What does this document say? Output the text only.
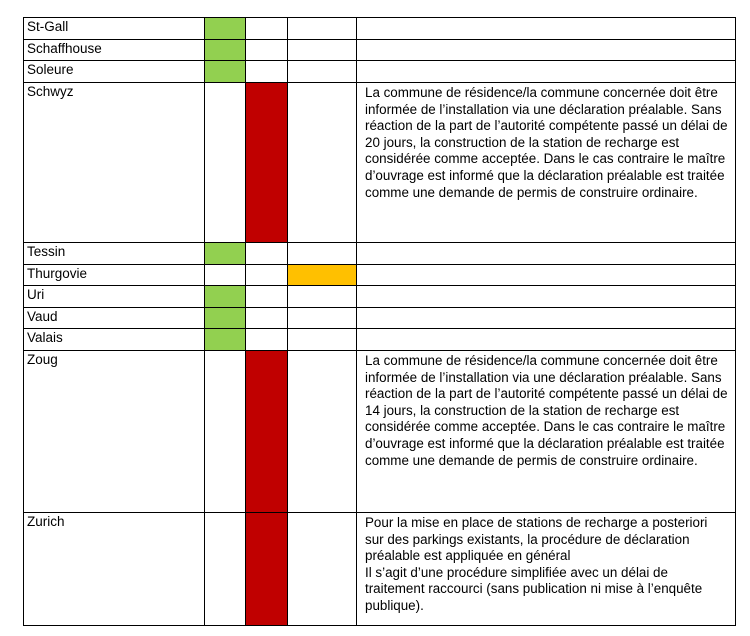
St-Gall				
Schaffhouse				
Soleure				
Schwyz				La commune de résidence/la commune concernée doit être informée de l’installation via une déclaration préalable. Sans réaction de la part de l’autorité compétente passé un délai de 20 jours, la construction de la station de recharge est considérée comme acceptée. Dans le cas contraire le maître d’ouvrage est informé que la déclaration préalable est traitée comme une demande de permis de construire ordinaire.
Tessin				
Thurgovie				
Uri				
Vaud				
Valais				
Zoug				La commune de résidence/la commune concernée doit être informée de l’installation via une déclaration préalable. Sans réaction de la part de l’autorité compétente passé un délai de 14 jours, la construction de la station de recharge est considérée comme acceptée. Dans le cas contraire le maître d’ouvrage est informé que la déclaration préalable est traitée comme une demande de permis de construire ordinaire.
Zurich				Pour la mise en place de stations de recharge a posteriori sur des parkings existants, la procédure de déclaration préalable est appliquée en général
Il s’agit d’une procédure simplifiée avec un délai de traitement raccourci (sans publication ni mise à l’enquête publique).
